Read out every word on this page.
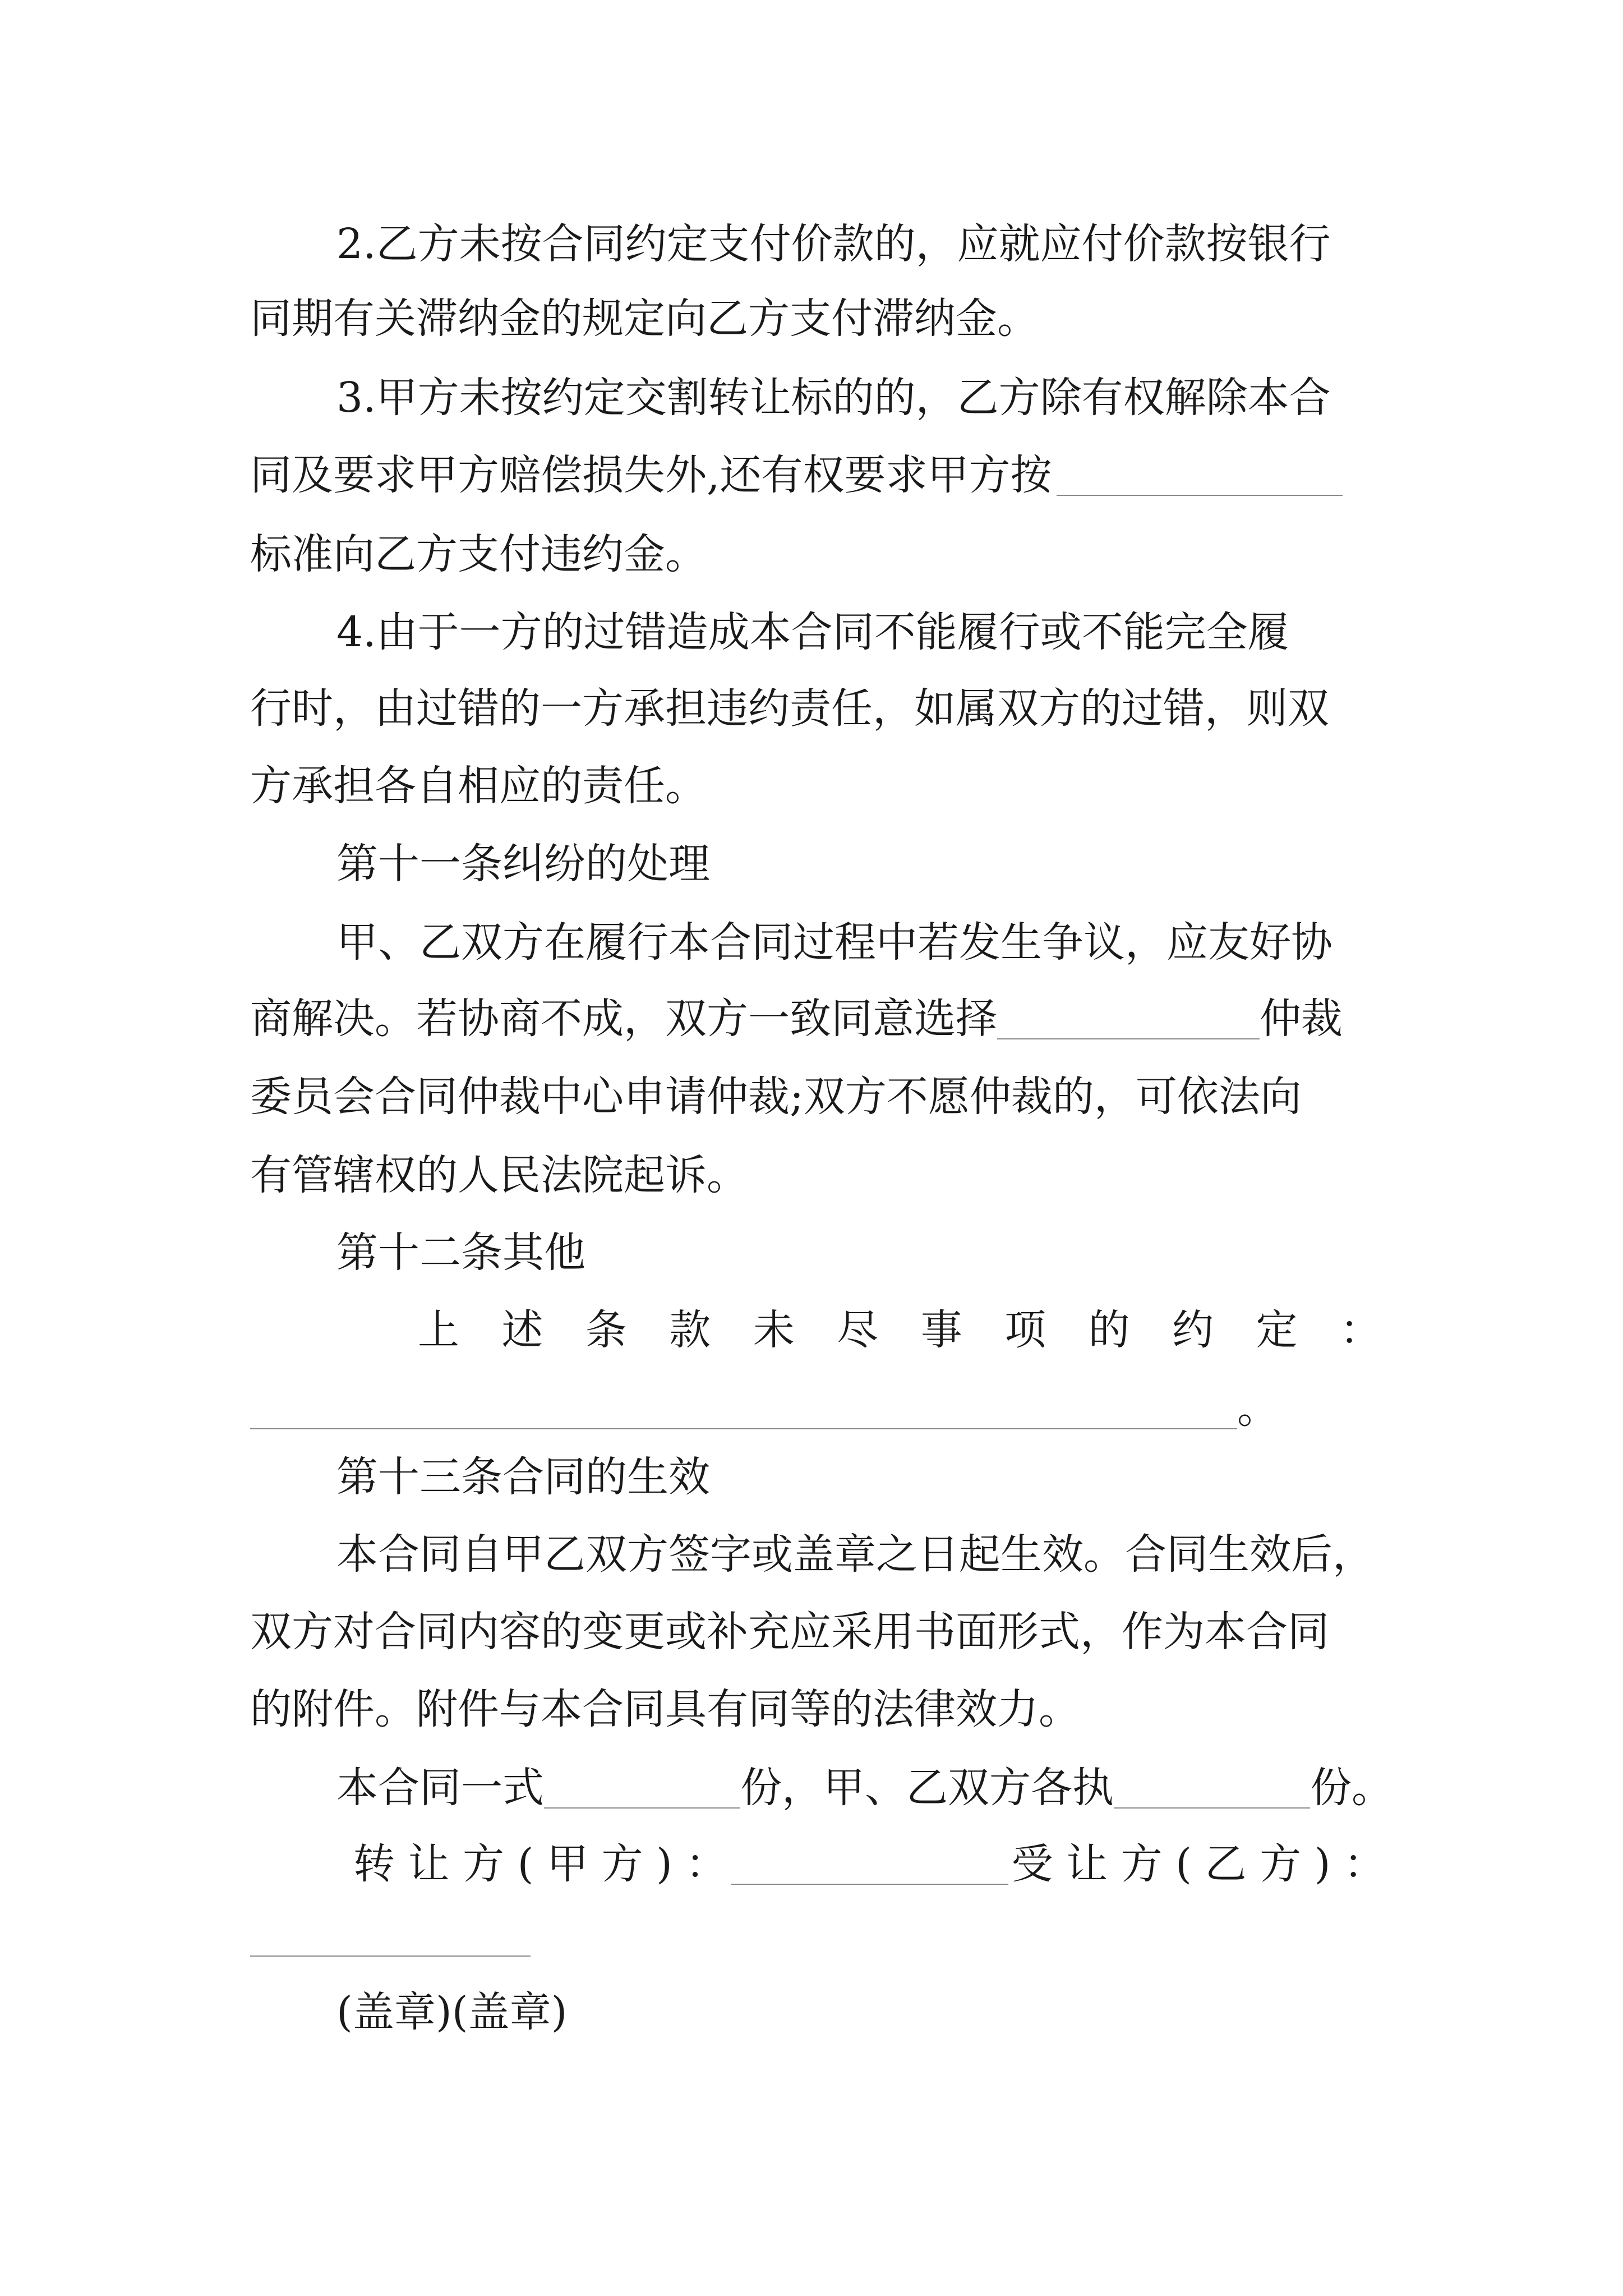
2.乙方未按合同约定支付价款的，应就应付价款按银行

同期有关滞纳金的规定向乙方支付滞纳金。

3.甲方未按约定交割转让标的的，乙方除有权解除本合

同及要求甲方赔偿损失外,还有权要求甲方按

标准向乙方支付违约金。

4.由于一方的过错造成本合同不能履行或不能完全履

行时，由过错的一方承担违约责任，如属双方的过错，则双

方承担各自相应的责任。

第十一条纠纷的处理

甲、乙双方在履行本合同过程中若发生争议，应友好协

商解决。若协商不成，双方一致同意选择	仲裁

委员会合同仲裁中心申请仲裁;双方不愿仲裁的，可依法向

有管辖权的人民法院起诉。

第十二条其他

上 述 条 款 未 尽 事 项 的 约 定 ：
。

第十三条合同的生效

本合同自甲乙双方签字或盖章之日起生效。合同生效后，

双方对合同内容的变更或补充应采用书面形式，作为本合同

的附件。附件与本合同具有同等的法律效力。

本合同一式	份，甲、乙双方各执	份。
转 让 方 ( 甲 方 ) ：	受 让 方 ( 乙 方 ) ：

(盖章)(盖章)
